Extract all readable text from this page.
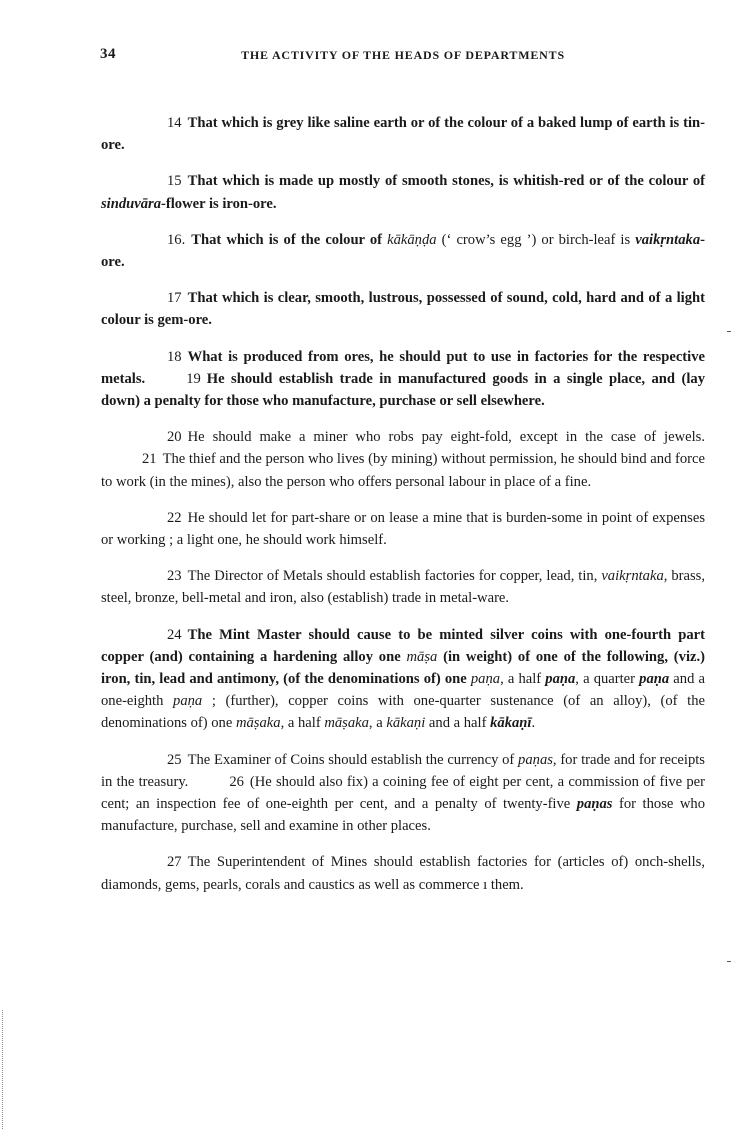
34	THE ACTIVITY OF THE HEADS OF DEPARTMENTS

14 That which is grey like saline earth or of the colour of a baked lump of earth is tin-ore.

15 That which is made up mostly of smooth stones, is whitish-red or of the colour of sinduvāra-flower is iron-ore.

16. That which is of the colour of kākāṇḍa (‘ crow’s egg ’) or birch-leaf is vaikṛntaka-ore.

17 That which is clear, smooth, lustrous, possessed of sound, cold, hard and of a light colour is gem-ore.

18 What is produced from ores, he should put to use in factories for the respective metals.	19 He should establish trade in manufactured goods in a single place, and (lay down) a penalty for those who manufacture, purchase or sell elsewhere.

20 He should make a miner who robs pay eight-fold, except in the case of jewels.21 The thief and the person who lives (by mining) without permission, he should bind and force to work (in the mines), also the person who offers personal labour in place of a fine.

22 He should let for part-share or on lease a mine that is burden-some in point of expenses or working ; a light one, he should work himself.

23 The Director of Metals should establish factories for copper, lead, tin, vaikṛntaka, brass, steel, bronze, bell-metal and iron, also (establish) trade in metal-ware.

24 The Mint Master should cause to be minted silver coins with one-fourth part copper (and) containing a hardening alloy one māṣa (in weight) of one of the following, (viz.) iron, tin, lead and antimony, (of the denominations of) one paṇa, a half paṇa, a quarter paṇa and a one-eighth paṇa ; (further), copper coins with one-quarter sustenance (of an alloy), (of the denominations of) one māṣaka, a half māṣaka, a kākaṇi and a half kākaṇī.

25 The Examiner of Coins should establish the currency of paṇas, for trade and for receipts in the treasury.	26 (He should also fix) a coining fee of eight per cent, a commission of five per cent; an inspection fee of one-eighth per cent, and a penalty of twenty-five paṇas for those who manufacture, purchase, sell and examine in other places.

27 The Superintendent of Mines should establish factories for (articles of) onch-shells, diamonds, gems, pearls, corals and caustics as well as commerce ı them.
